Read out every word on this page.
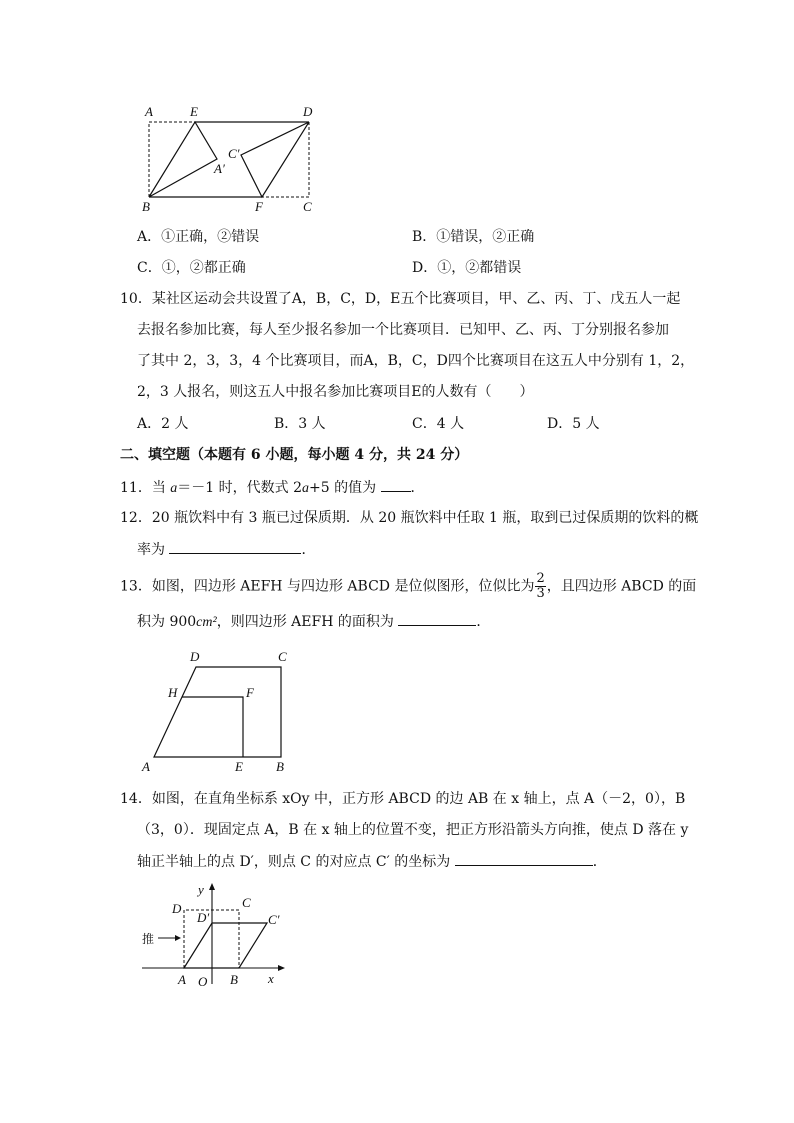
A	E	D
C′
A′
B	F	C
A．①正确，②错误	B．①错误，②正确
C．①，②都正确	D．①，②都错误
10．某社区运动会共设置了A，B，C，D，E五个比赛项目，甲、乙、丙、丁、戊五人一起
去报名参加比赛，每人至少报名参加一个比赛项目．已知甲、乙、丙、丁分别报名参加
了其中 2，3，3，4 个比赛项目，而A，B，C，D四个比赛项目在这五人中分别有 1，2，
2，3 人报名，则这五人中报名参加比赛项目E的人数有（　　）
A．2 人	B．3 人	C．4 人	D．5 人
二、填空题（本题有 6 小题，每小题 4 分，共 24 分）
11．当 a＝－1 时，代数式 2a+5 的值为 ．
12．20 瓶饮料中有 3 瓶已过保质期．从 20 瓶饮料中任取 1 瓶，取到已过保质期的饮料的概
率为	．
13．如图，四边形 AEFH 与四边形 ABCD 是位似图形，位似比为 $\frac{2}{3}$ ，且四边形 ABCD 的面
积为 900cm²，则四边形 AEFH 的面积为	．
D	C
H	F
A	E	B
14．如图，在直角坐标系 xOy 中，正方形 ABCD 的边 AB 在 x 轴上，点 A（－2，0），B
（3，0）．现固定点 A，B 在 x 轴上的位置不变，把正方形沿箭头方向推，使点 D 落在 y
轴正半轴上的点 D′，则点 C 的对应点 C′ 的坐标为	．
y
D	C
D′	C′
推
A O B x
